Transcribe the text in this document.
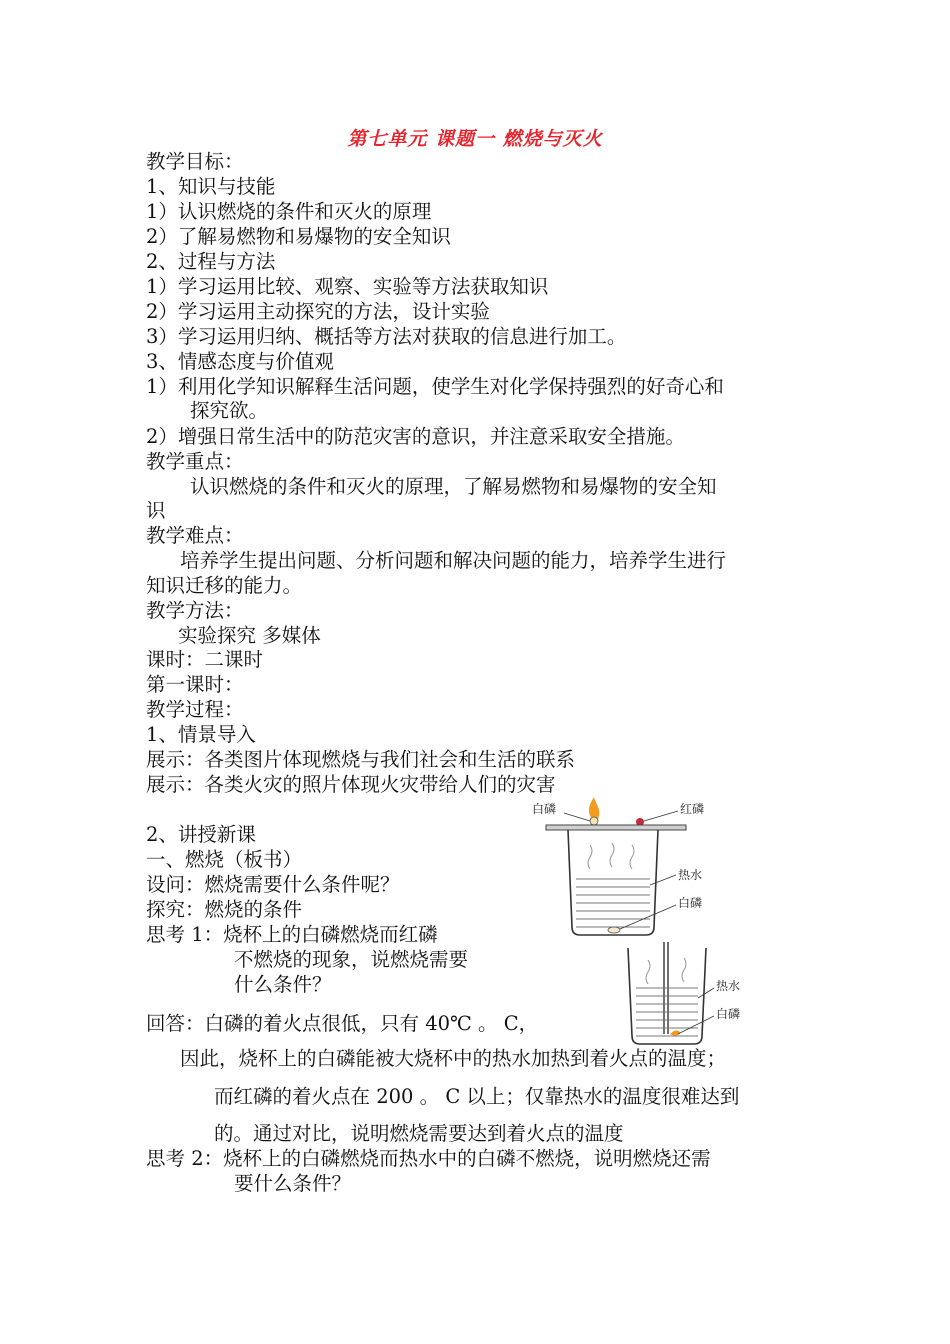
第七单元 课题一 燃烧与灭火
教学目标：
1、知识与技能
1）认识燃烧的条件和灭火的原理
2）了解易燃物和易爆物的安全知识
2、过程与方法
1）学习运用比较、观察、实验等方法获取知识
2）学习运用主动探究的方法，设计实验
3）学习运用归纳、概括等方法对获取的信息进行加工。
3、情感态度与价值观
1）利用化学知识解释生活问题，使学生对化学保持强烈的好奇心和
探究欲。
2）增强日常生活中的防范灾害的意识，并注意采取安全措施。
教学重点：
认识燃烧的条件和灭火的原理，了解易燃物和易爆物的安全知
识
教学难点：
培养学生提出问题、分析问题和解决问题的能力，培养学生进行
知识迁移的能力。
教学方法：
实验探究 多媒体
课时：二课时
第一课时：
教学过程：
1、情景导入
展示：各类图片体现燃烧与我们社会和生活的联系
展示：各类火灾的照片体现火灾带给人们的灾害
2、讲授新课
一、燃烧（板书）
设问：燃烧需要什么条件呢？
探究：燃烧的条件
思考 1：烧杯上的白磷燃烧而红磷
不燃烧的现象，说燃烧需要
什么条件？
回答：白磷的着火点很低，只有 40℃ 。 C，
因此，烧杯上的白磷能被大烧杯中的热水加热到着火点的温度；
而红磷的着火点在 200 。 C 以上；仅靠热水的温度很难达到
的。通过对比，说明燃烧需要达到着火点的温度
思考 2：烧杯上的白磷燃烧而热水中的白磷不燃烧，说明燃烧还需
要什么条件？
白磷	红磷
热水
白磷
热水
白磷
